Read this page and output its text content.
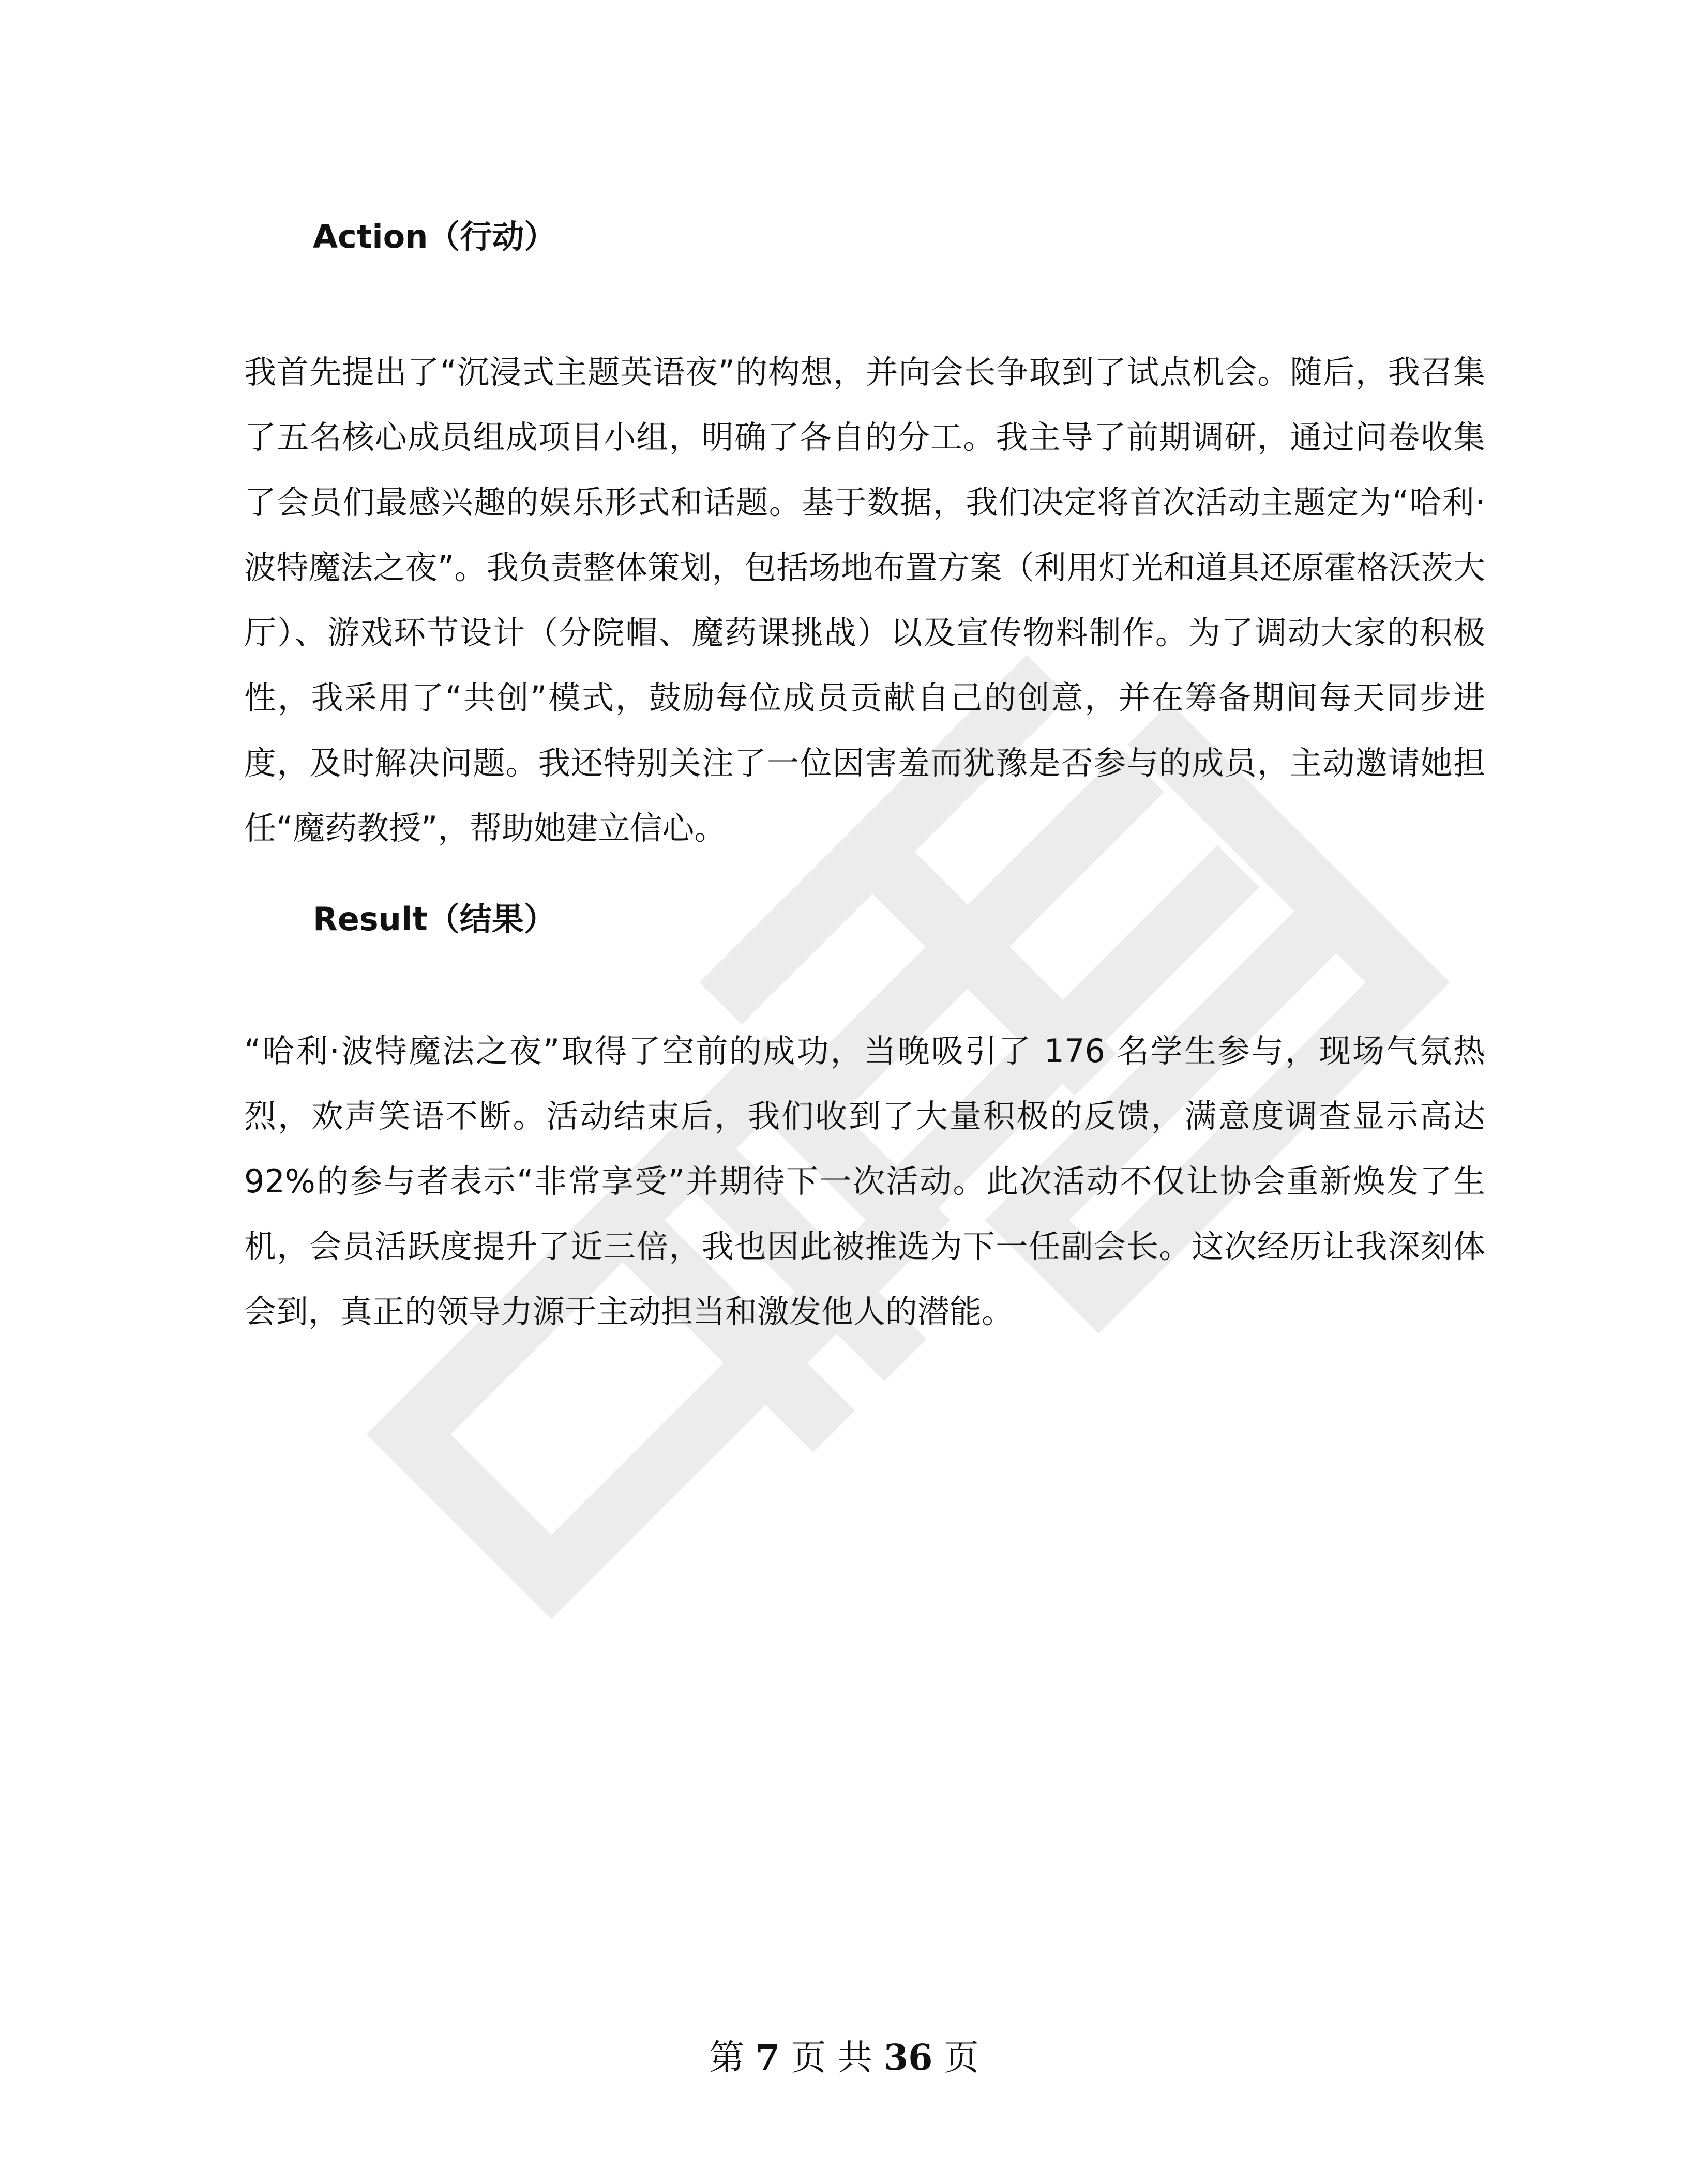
Action（行动）
我首先提出了“沉浸式主题英语夜”的构想，并向会长争取到了试点机会。随后，我召集了五名核心成员组成项目小组，明确了各自的分工。我主导了前期调研，通过问卷收集了会员们最感兴趣的娱乐形式和话题。基于数据，我们决定将首次活动主题定为“哈利·波特魔法之夜”。我负责整体策划，包括场地布置方案（利用灯光和道具还原霍格沃茨大厅）、游戏环节设计（分院帽、魔药课挑战）以及宣传物料制作。为了调动大家的积极性，我采用了“共创”模式，鼓励每位成员贡献自己的创意，并在筹备期间每天同步进度，及时解决问题。我还特别关注了一位因害羞而犹豫是否参与的成员，主动邀请她担任“魔药教授”，帮助她建立信心。
Result（结果）
“哈利·波特魔法之夜”取得了空前的成功，当晚吸引了 176 名学生参与，现场气氛热烈，欢声笑语不断。活动结束后，我们收到了大量积极的反馈，满意度调查显示高达 92%的参与者表示“非常享受”并期待下一次活动。此次活动不仅让协会重新焕发了生机，会员活跃度提升了近三倍，我也因此被推选为下一任副会长。这次经历让我深刻体会到，真正的领导力源于主动担当和激发他人的潜能。
第 7 页 共 36 页
